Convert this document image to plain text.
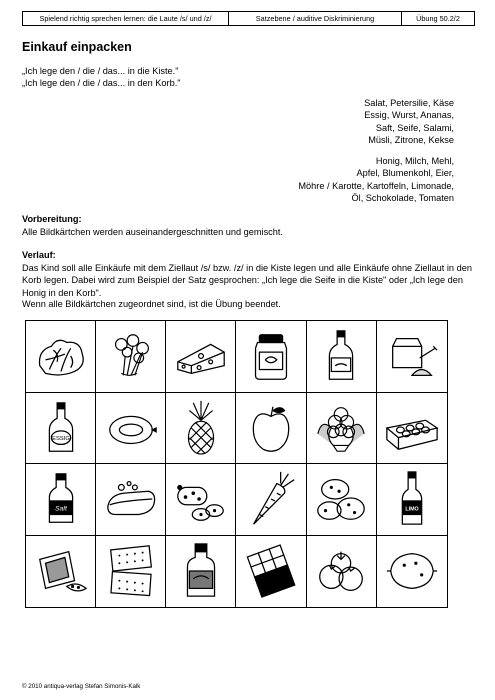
Spielend richtig sprechen lernen: die Laute /s/ und /z/	Satzebene / auditive Diskriminierung	Übung 50.2/2
Einkauf einpacken
„Ich lege den / die / das... in die Kiste."
„Ich lege den / die / das... in den Korb."
Salat, Petersilie, Käse
Essig, Wurst, Ananas,
Saft, Seife, Salami,
Müsli, Zitrone, Kekse
Honig, Milch, Mehl,
Apfel, Blumenkohl, Eier,
Möhre / Karotte, Kartoffeln, Limonade,
Öl, Schokolade, Tomaten
Vorbereitung:
Alle Bildkärtchen werden auseinandergeschnitten und gemischt.
Verlauf:
Das Kind soll alle Einkäufe mit dem Ziellaut /s/ bzw. /z/ in die Kiste legen und alle Einkäufe ohne Ziellaut in den Korb legen. Dabei wird zum Beispiel der Satz gesprochen: „Ich lege die Seife in die Kiste" oder „Ich lege den Honig in den Korb".
Wenn alle Bildkärtchen zugeordnet sind, ist die Übung beendet.
ESSIG
Saft	LIMO
© 2010 antiqua-verlag Stefan Simonis-Kalk
